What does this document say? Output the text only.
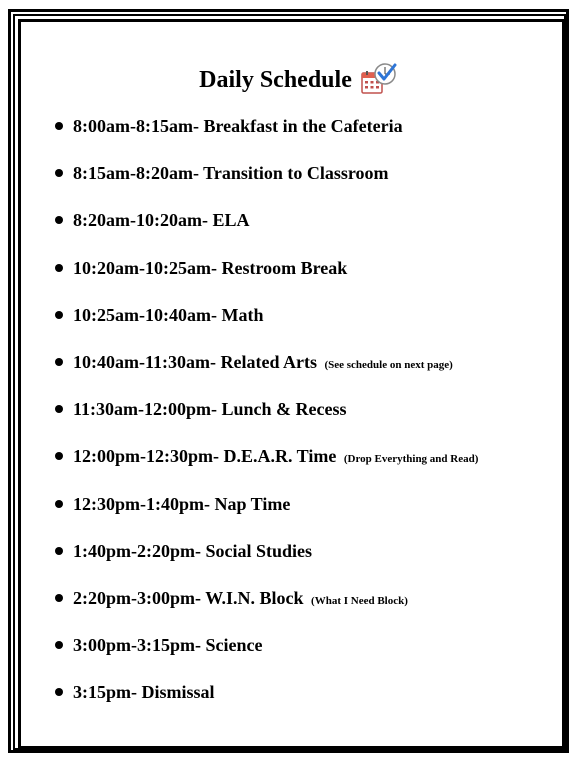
Daily Schedule
8:00am-8:15am- Breakfast in the Cafeteria
8:15am-8:20am- Transition to Classroom
8:20am-10:20am- ELA
10:20am-10:25am- Restroom Break
10:25am-10:40am- Math
10:40am-11:30am- Related Arts (See schedule on next page)
11:30am-12:00pm- Lunch & Recess
12:00pm-12:30pm- D.E.A.R. Time (Drop Everything and Read)
12:30pm-1:40pm- Nap Time
1:40pm-2:20pm- Social Studies
2:20pm-3:00pm- W.I.N. Block (What I Need Block)
3:00pm-3:15pm- Science
3:15pm- Dismissal
